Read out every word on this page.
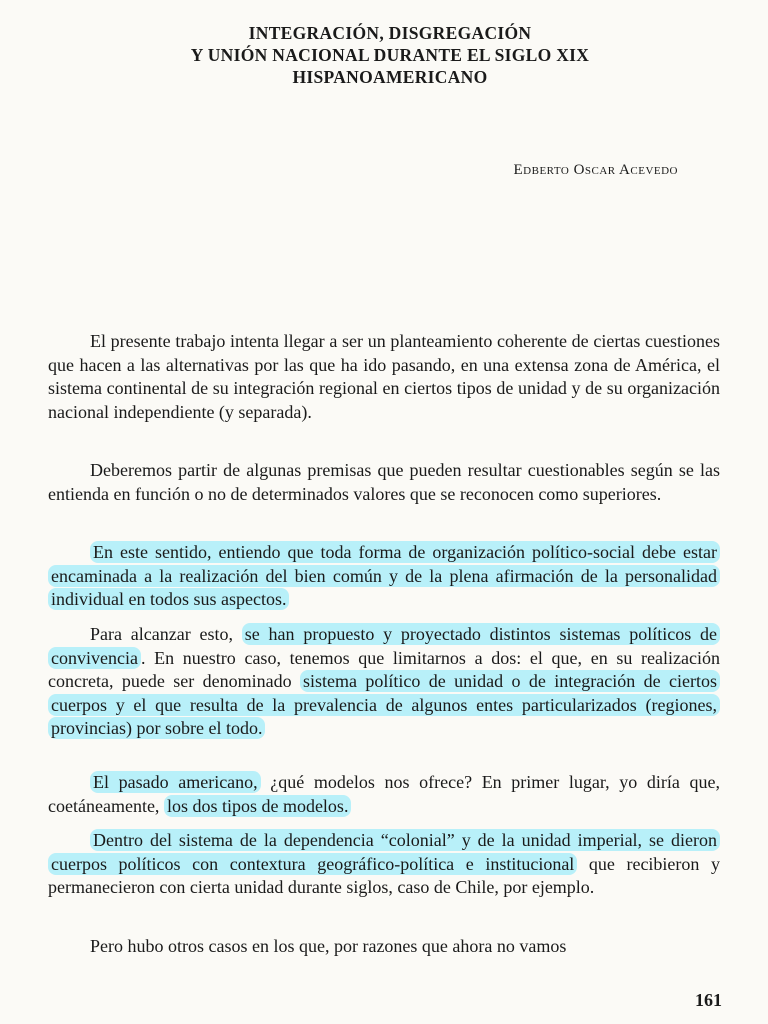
INTEGRACIÓN, DISGREGACIÓN
Y UNIÓN NACIONAL DURANTE EL SIGLO XIX
HISPANOAMERICANO

Edberto Oscar Acevedo

El presente trabajo intenta llegar a ser un planteamiento coherente de ciertas cuestiones que hacen a las alternativas por las que ha ido pasando, en una extensa zona de América, el sistema continental de su integración regional en ciertos tipos de unidad y de su organización nacional independiente (y separada).

Deberemos partir de algunas premisas que pueden resultar cuestionables según se las entienda en función o no de determinados valores que se reconocen como superiores.

En este sentido, entiendo que toda forma de organización político-social debe estar encaminada a la realización del bien común y de la plena afirmación de la personalidad individual en todos sus aspectos.

Para alcanzar esto, se han propuesto y proyectado distintos sistemas políticos de convivencia . En nuestro caso, tenemos que limitarnos a dos: el que, en su realización concreta, puede ser denominado sistema político de unidad o de integración de ciertos cuerpos y el que resulta de la prevalencia de algunos entes particularizados (regiones, provincias) por sobre el todo.

El pasado americano, ¿qué modelos nos ofrece? En primer lugar, yo diría que, coetáneamente, los dos tipos de modelos.

Dentro del sistema de la dependencia “colonial” y de la unidad imperial, se dieron cuerpos políticos con contextura geográfico-política e institucional que recibieron y permanecieron con cierta unidad durante siglos, caso de Chile, por ejemplo.

Pero hubo otros casos en los que, por razones que ahora no vamos

161
